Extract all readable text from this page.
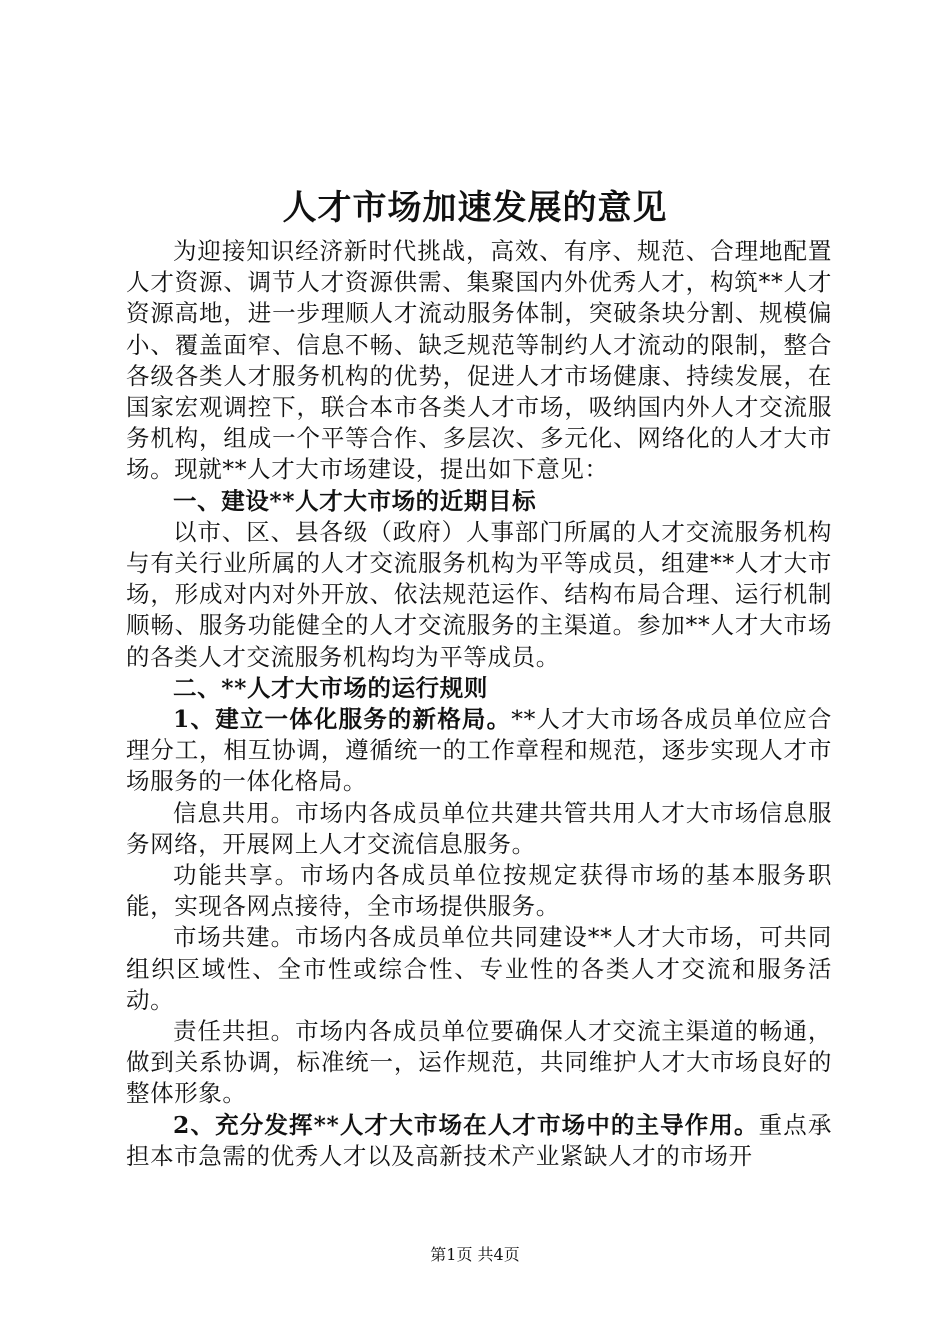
人才市场加速发展的意见

为迎接知识经济新时代挑战，高效、有序、规范、合理地配置人才资源、调节人才资源供需、集聚国内外优秀人才，构筑**人才资源高地，进一步理顺人才流动服务体制，突破条块分割、规模偏小、覆盖面窄、信息不畅、缺乏规范等制约人才流动的限制，整合各级各类人才服务机构的优势，促进人才市场健康、持续发展，在国家宏观调控下，联合本市各类人才市场，吸纳国内外人才交流服务机构，组成一个平等合作、多层次、多元化、网络化的人才大市场。现就**人才大市场建设，提出如下意见：

一、建设**人才大市场的近期目标

以市、区、县各级（政府）人事部门所属的人才交流服务机构与有关行业所属的人才交流服务机构为平等成员，组建**人才大市场，形成对内对外开放、依法规范运作、结构布局合理、运行机制顺畅、服务功能健全的人才交流服务的主渠道。参加**人才大市场的各类人才交流服务机构均为平等成员。

二、**人才大市场的运行规则

1、建立一体化服务的新格局。**人才大市场各成员单位应合理分工，相互协调，遵循统一的工作章程和规范，逐步实现人才市场服务的一体化格局。

信息共用。市场内各成员单位共建共管共用人才大市场信息服务网络，开展网上人才交流信息服务。

功能共享。市场内各成员单位按规定获得市场的基本服务职能，实现各网点接待，全市场提供服务。

市场共建。市场内各成员单位共同建设**人才大市场，可共同组织区域性、全市性或综合性、专业性的各类人才交流和服务活动。

责任共担。市场内各成员单位要确保人才交流主渠道的畅通，做到关系协调，标准统一，运作规范，共同维护人才大市场良好的整体形象。

2、充分发挥**人才大市场在人才市场中的主导作用。重点承担本市急需的优秀人才以及高新技术产业紧缺人才的市场开

第1页 共4页
